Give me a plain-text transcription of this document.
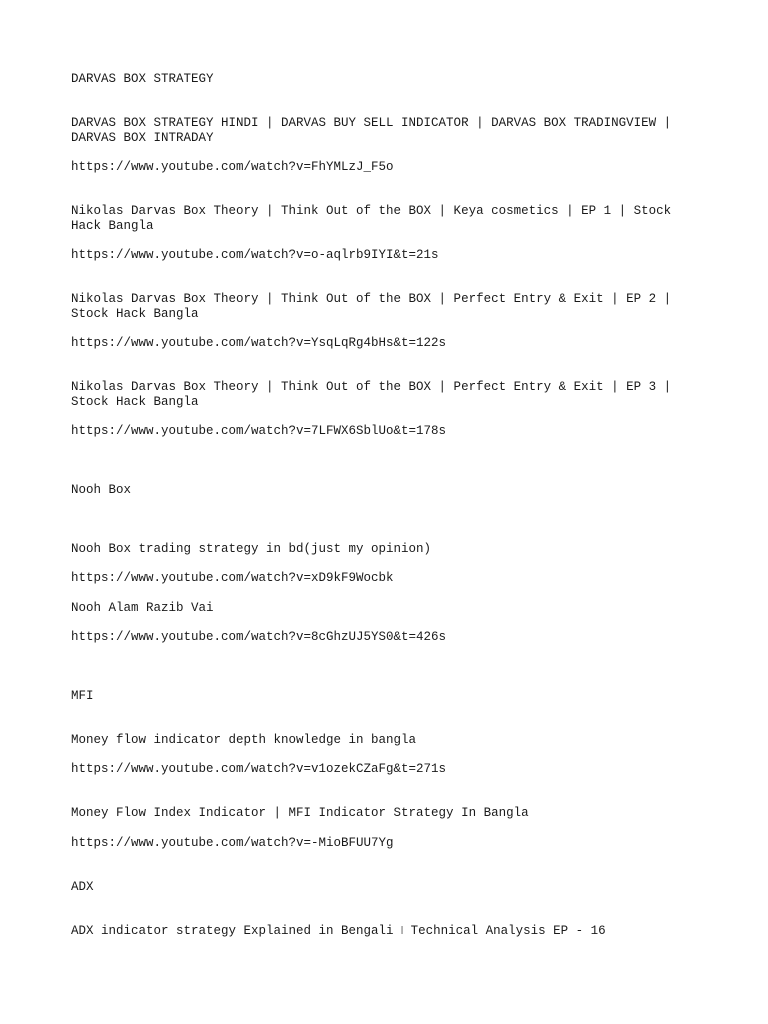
DARVAS BOX STRATEGY
DARVAS BOX STRATEGY HINDI | DARVAS BUY SELL INDICATOR | DARVAS BOX TRADINGVIEW | DARVAS BOX INTRADAY
https://www.youtube.com/watch?v=FhYMLzJ_F5o
Nikolas Darvas Box Theory | Think Out of the BOX | Keya cosmetics | EP 1 | Stock Hack Bangla
https://www.youtube.com/watch?v=o-aqlrb9IYI&t=21s
Nikolas Darvas Box Theory | Think Out of the BOX | Perfect Entry & Exit | EP 2 | Stock Hack Bangla
https://www.youtube.com/watch?v=YsqLqRg4bHs&t=122s
Nikolas Darvas Box Theory | Think Out of the BOX | Perfect Entry & Exit | EP 3 | Stock Hack Bangla
https://www.youtube.com/watch?v=7LFWX6SblUo&t=178s
Nooh Box
Nooh Box trading strategy in bd(just my opinion)
https://www.youtube.com/watch?v=xD9kF9Wocbk
Nooh Alam Razib Vai
https://www.youtube.com/watch?v=8cGhzUJ5YS0&t=426s
MFI
Money flow indicator depth knowledge in bangla
https://www.youtube.com/watch?v=v1ozekCZaFg&t=271s
Money Flow Index Indicator | MFI Indicator Strategy In Bangla
https://www.youtube.com/watch?v=-MioBFUU7Yg
ADX
ADX indicator strategy Explained in Bengali ৷ Technical Analysis EP - 16
